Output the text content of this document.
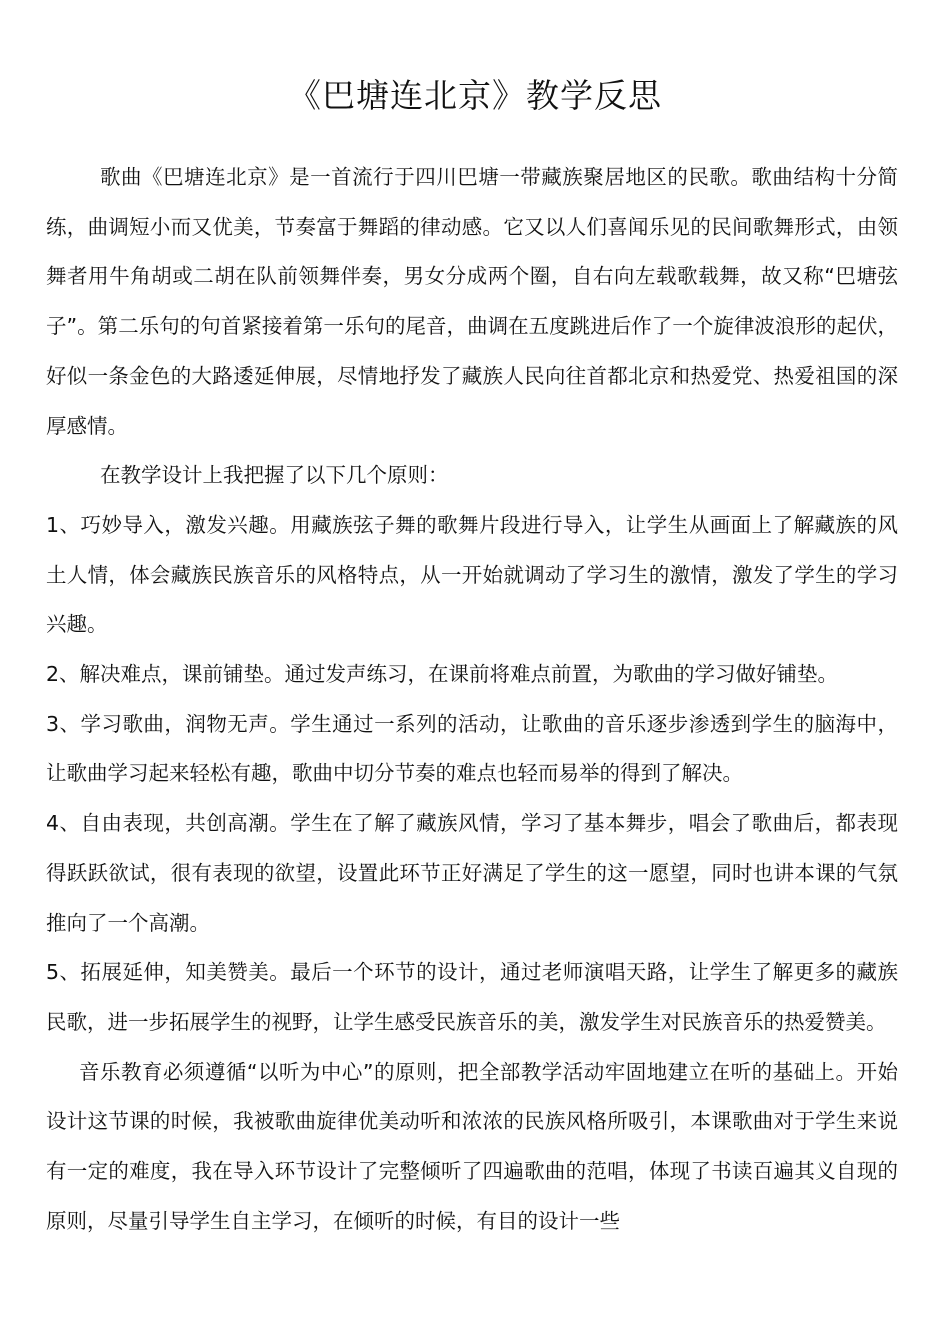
《巴塘连北京》教学反思

歌曲《巴塘连北京》是一首流行于四川巴塘一带藏族聚居地区的民歌。歌曲结构十分简练，曲调短小而又优美，节奏富于舞蹈的律动感。它又以人们喜闻乐见的民间歌舞形式，由领舞者用牛角胡或二胡在队前领舞伴奏，男女分成两个圈，自右向左载歌载舞，故又称“巴塘弦子”。第二乐句的句首紧接着第一乐句的尾音，曲调在五度跳进后作了一个旋律波浪形的起伏，好似一条金色的大路逶延伸展，尽情地抒发了藏族人民向往首都北京和热爱党、热爱祖国的深厚感情。

在教学设计上我把握了以下几个原则：

1、巧妙导入，激发兴趣。用藏族弦子舞的歌舞片段进行导入，让学生从画面上了解藏族的风土人情，体会藏族民族音乐的风格特点，从一开始就调动了学习生的激情，激发了学生的学习兴趣。

2、解决难点，课前铺垫。通过发声练习，在课前将难点前置，为歌曲的学习做好铺垫。

3、学习歌曲，润物无声。学生通过一系列的活动，让歌曲的音乐逐步渗透到学生的脑海中，让歌曲学习起来轻松有趣，歌曲中切分节奏的难点也轻而易举的得到了解决。

4、自由表现，共创高潮。学生在了解了藏族风情，学习了基本舞步，唱会了歌曲后，都表现得跃跃欲试，很有表现的欲望，设置此环节正好满足了学生的这一愿望，同时也讲本课的气氛推向了一个高潮。

5、拓展延伸，知美赞美。最后一个环节的设计，通过老师演唱天路，让学生了解更多的藏族民歌，进一步拓展学生的视野，让学生感受民族音乐的美，激发学生对民族音乐的热爱赞美。

音乐教育必须遵循“以听为中心”的原则，把全部教学活动牢固地建立在听的基础上。开始设计这节课的时候，我被歌曲旋律优美动听和浓浓的民族风格所吸引，本课歌曲对于学生来说有一定的难度，我在导入环节设计了完整倾听了四遍歌曲的范唱，体现了书读百遍其义自现的原则，尽量引导学生自主学习，在倾听的时候，有目的设计一些
